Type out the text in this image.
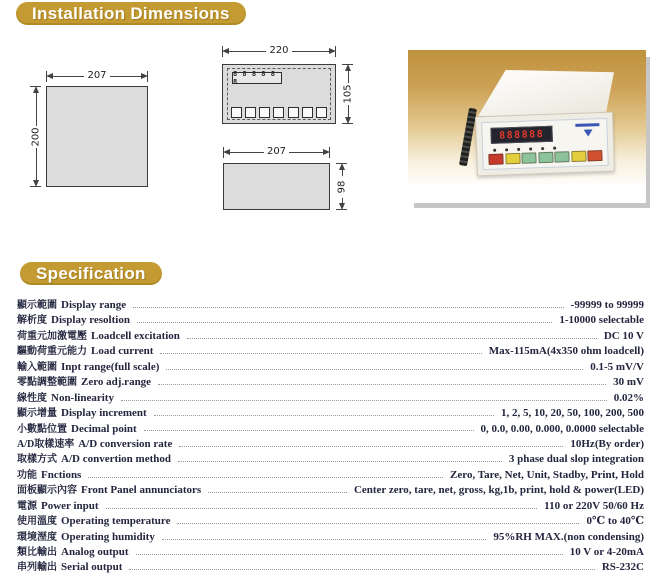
Installation Dimensions
Specification
207
200
8 8 8 8 8 8
220
105
207
98
888888
顯示範圍 Display range	-99999 to 99999
解析度 Display resoltion	1-10000 selectable
荷重元加激電壓 Loadcell excitation	DC 10 V
驅動荷重元能力 Load current	Max-115mA(4x350 ohm loadcell)
輸入範圍 Inpt range(full scale)	0.1-5 mV/V
零點調整範圍 Zero adj.range	30 mV
線性度 Non-linearity	0.02%
顯示增量 Display increment	1, 2, 5, 10, 20, 50, 100, 200, 500
小數點位置 Decimal point	0, 0.0, 0.00, 0.000, 0.0000 selectable
A/D取樣速率 A/D conversion rate	10Hz(By order)
取樣方式 A/D convertion method	3 phase dual slop integration
功能 Fnctions	Zero, Tare, Net, Unit, Stadby, Print, Hold
面板顯示內容 Front Panel annunciators	Center zero, tare, net, gross, kg,1b, print, hold & power(LED)
電源 Power input	110 or 220V 50/60 Hz
使用溫度 Operating temperature	0℃ to 40℃
環境溼度 Operating humidity	95%RH MAX.(non condensing)
類比輸出 Analog output	10 V or 4-20mA
串列輸出 Serial output	RS-232C
